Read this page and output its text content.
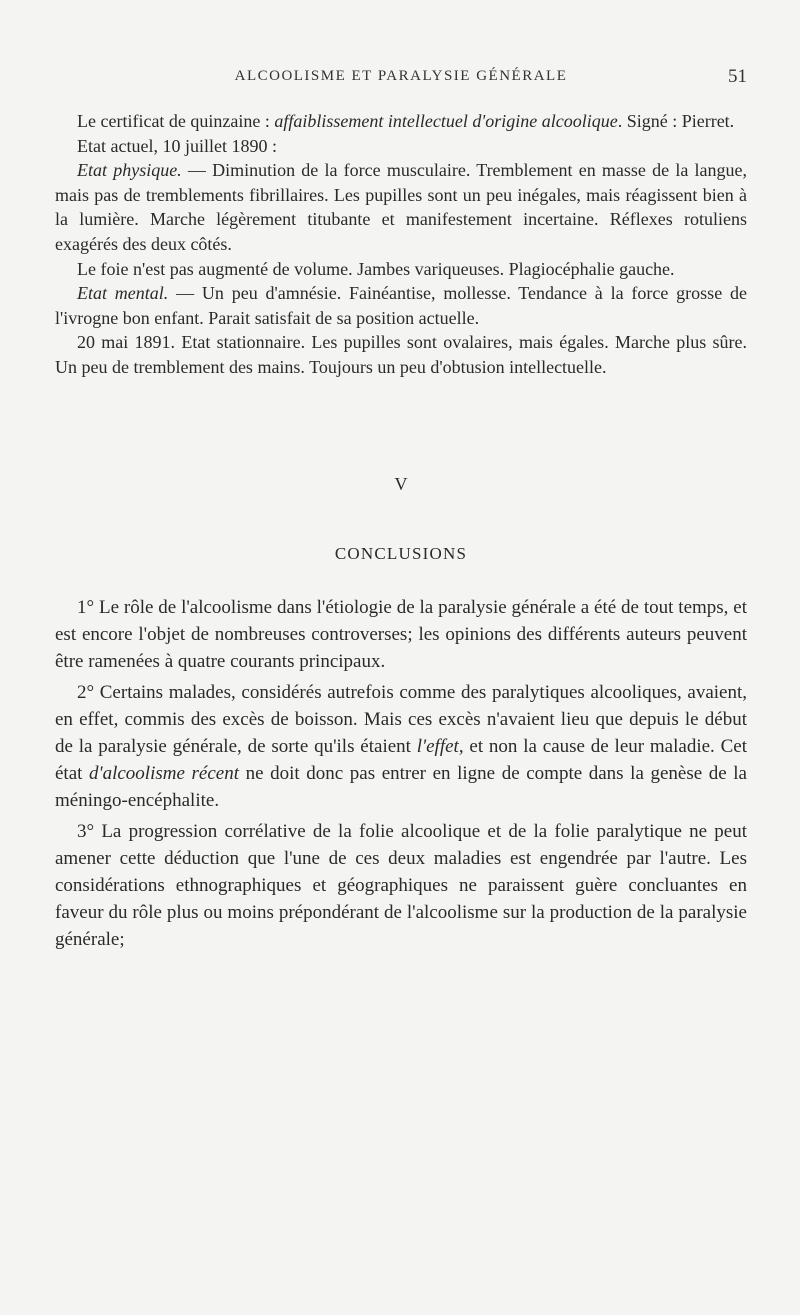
ALCOOLISME ET PARALYSIE GÉNÉRALE	51

Le certificat de quinzaine : affaiblissement intellectuel d'origine alcoolique. Signé : Pierret.

Etat actuel, 10 juillet 1890 :

Etat physique. — Diminution de la force musculaire. Tremblement en masse de la langue, mais pas de tremblements fibrillaires. Les pupilles sont un peu inégales, mais réagissent bien à la lumière. Marche légèrement titubante et manifestement incertaine. Réflexes rotuliens exagérés des deux côtés.

Le foie n'est pas augmenté de volume. Jambes variqueuses. Plagiocéphalie gauche.

Etat mental. — Un peu d'amnésie. Fainéantise, mollesse. Tendance à la force grosse de l'ivrogne bon enfant. Parait satisfait de sa position actuelle.

20 mai 1891. Etat stationnaire. Les pupilles sont ovalaires, mais égales. Marche plus sûre. Un peu de tremblement des mains. Toujours un peu d'obtusion intellectuelle.

V
CONCLUSIONS

1° Le rôle de l'alcoolisme dans l'étiologie de la paralysie générale a été de tout temps, et est encore l'objet de nombreuses controverses; les opinions des différents auteurs peuvent être ramenées à quatre courants principaux.

2° Certains malades, considérés autrefois comme des paralytiques alcooliques, avaient, en effet, commis des excès de boisson. Mais ces excès n'avaient lieu que depuis le début de la paralysie générale, de sorte qu'ils étaient l'effet, et non la cause de leur maladie. Cet état d'alcoolisme récent ne doit donc pas entrer en ligne de compte dans la genèse de la méningo-encéphalite.

3° La progression corrélative de la folie alcoolique et de la folie paralytique ne peut amener cette déduction que l'une de ces deux maladies est engendrée par l'autre. Les considérations ethnographiques et géographiques ne paraissent guère concluantes en faveur du rôle plus ou moins prépondérant de l'alcoolisme sur la production de la paralysie générale;
